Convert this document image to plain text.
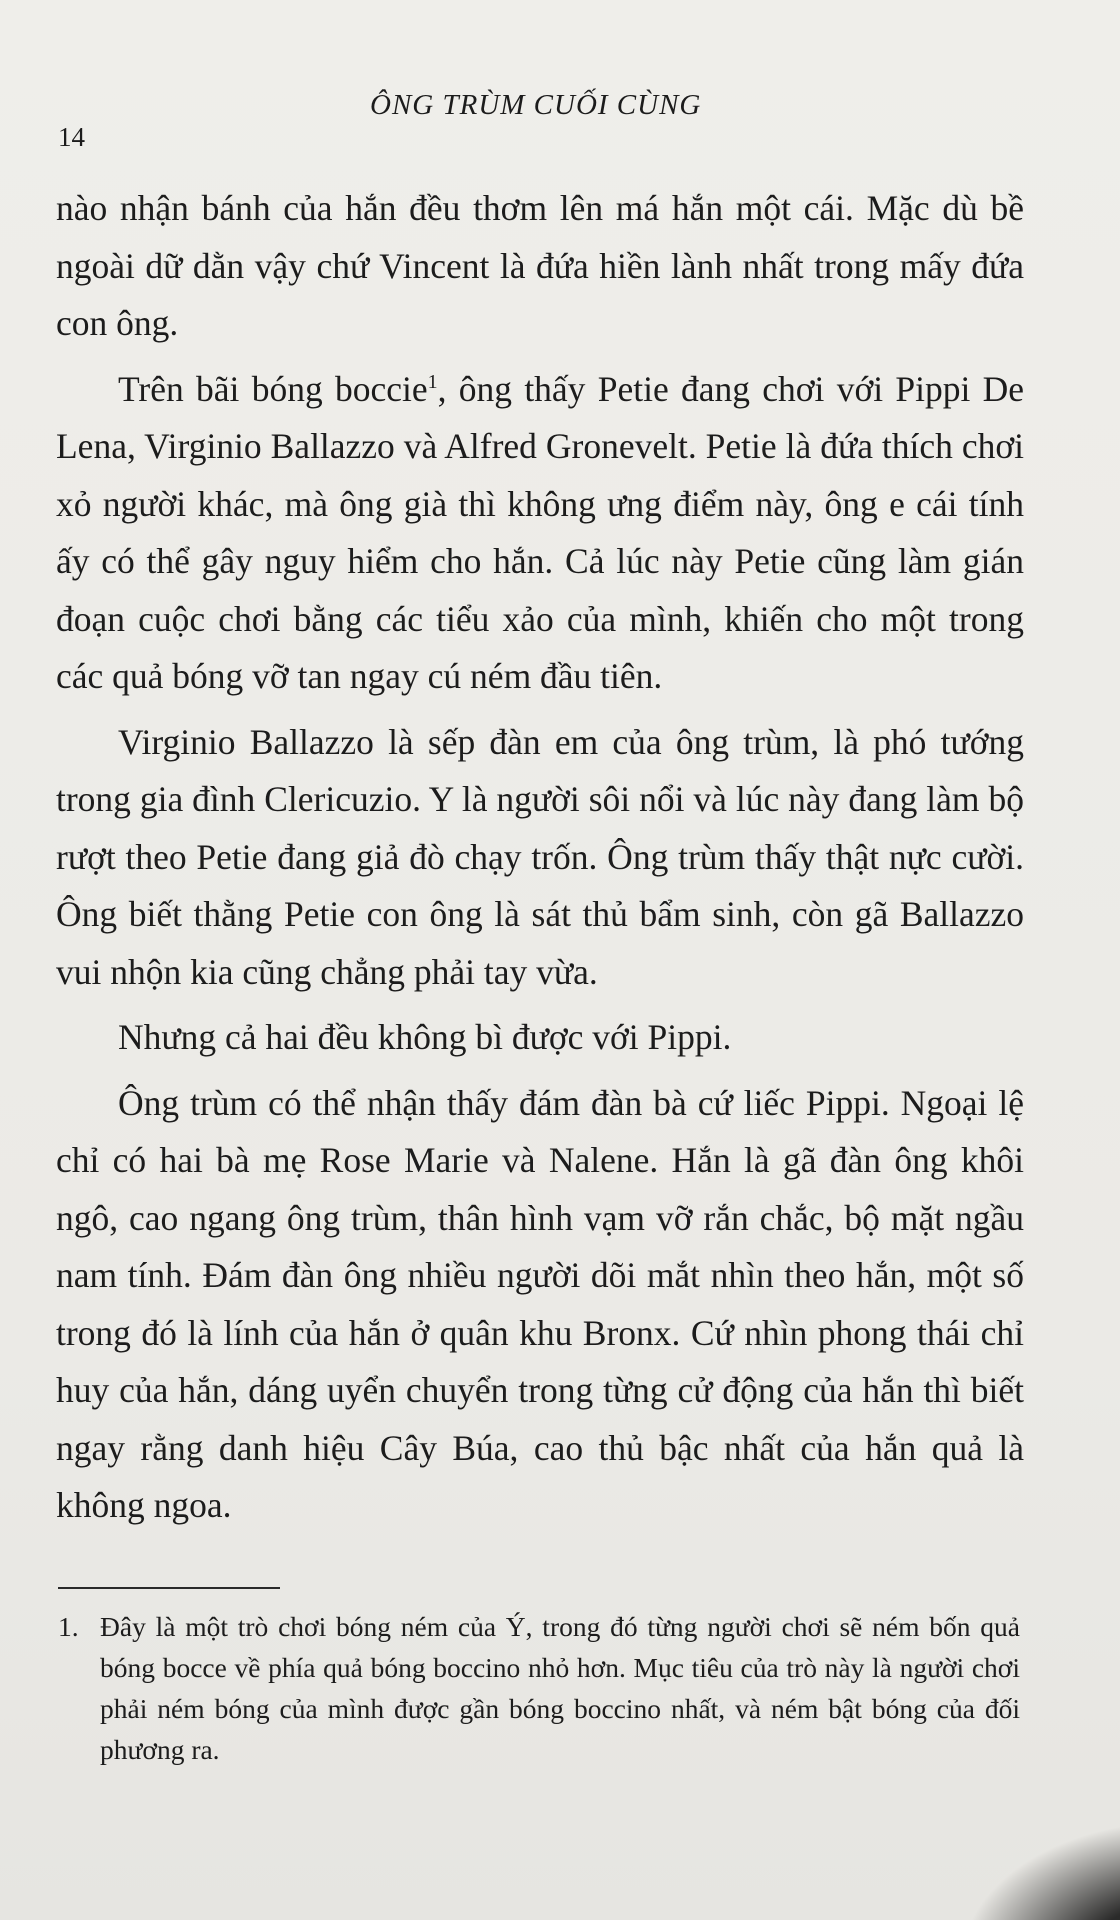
14
ÔNG TRÙM CUỐI CÙNG

nào nhận bánh của hắn đều thơm lên má hắn một cái. Mặc dù bề ngoài dữ dằn vậy chứ Vincent là đứa hiền lành nhất trong mấy đứa con ông.

Trên bãi bóng boccie$^1$, ông thấy Petie đang chơi với Pippi De Lena, Virginio Ballazzo và Alfred Gronevelt. Petie là đứa thích chơi xỏ người khác, mà ông già thì không ưng điểm này, ông e cái tính ấy có thể gây nguy hiểm cho hắn. Cả lúc này Petie cũng làm gián đoạn cuộc chơi bằng các tiểu xảo của mình, khiến cho một trong các quả bóng vỡ tan ngay cú ném đầu tiên.

Virginio Ballazzo là sếp đàn em của ông trùm, là phó tướng trong gia đình Clericuzio. Y là người sôi nổi và lúc này đang làm bộ rượt theo Petie đang giả đò chạy trốn. Ông trùm thấy thật nực cười. Ông biết thằng Petie con ông là sát thủ bẩm sinh, còn gã Ballazzo vui nhộn kia cũng chẳng phải tay vừa.

Nhưng cả hai đều không bì được với Pippi.

Ông trùm có thể nhận thấy đám đàn bà cứ liếc Pippi. Ngoại lệ chỉ có hai bà mẹ Rose Marie và Nalene. Hắn là gã đàn ông khôi ngô, cao ngang ông trùm, thân hình vạm vỡ rắn chắc, bộ mặt ngầu nam tính. Đám đàn ông nhiều người dõi mắt nhìn theo hắn, một số trong đó là lính của hắn ở quân khu Bronx. Cứ nhìn phong thái chỉ huy của hắn, dáng uyển chuyển trong từng cử động của hắn thì biết ngay rằng danh hiệu Cây Búa, cao thủ bậc nhất của hắn quả là không ngoa.

1. Đây là một trò chơi bóng ném của Ý, trong đó từng người chơi sẽ ném bốn quả bóng bocce về phía quả bóng boccino nhỏ hơn. Mục tiêu của trò này là người chơi phải ném bóng của mình được gần bóng boccino nhất, và ném bật bóng của đối phương ra.
